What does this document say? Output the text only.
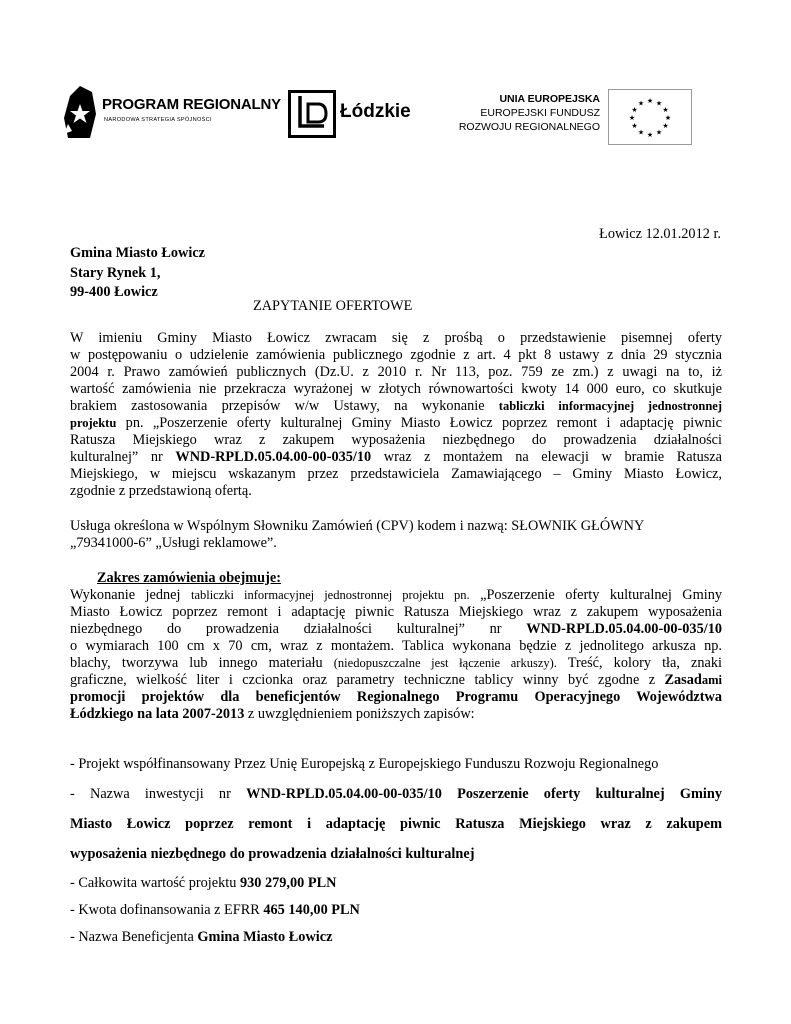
PROGRAM REGIONALNY
NARODOWA STRATEGIA SPÓJNOŚCI	Łódzkie
UNIA EUROPEJSKA
EUROPEJSKI FUNDUSZ
ROZWOJU REGIONALNEGO
★ ★
★
★
★
★
★
★
★
★
★
★
Łowicz 12.01.2012 r.
Gmina Miasto Łowicz
Stary Rynek 1,
99-400 Łowicz
ZAPYTANIE OFERTOWE
W imieniu Gminy Miasto Łowicz zwracam się z prośbą o przedstawienie pisemnej oferty
w postępowaniu o udzielenie zamówienia publicznego zgodnie z art. 4 pkt 8 ustawy z dnia 29 stycznia
2004 r. Prawo zamówień publicznych (Dz.U. z 2010 r. Nr 113, poz. 759 ze zm.) z uwagi na to, iż
wartość zamówienia nie przekracza wyrażonej w złotych równowartości kwoty 14 000 euro, co skutkuje
brakiem zastosowania przepisów w/w Ustawy, na wykonanie tabliczki informacyjnej jednostronnej
projektu pn. „Poszerzenie oferty kulturalnej Gminy Miasto Łowicz poprzez remont i adaptację piwnic
Ratusza Miejskiego wraz z zakupem wyposażenia niezbędnego do prowadzenia działalności
kulturalnej” nr WND-RPLD.05.04.00-00-035/10 wraz z montażem na elewacji w bramie Ratusza
Miejskiego, w miejscu wskazanym przez przedstawiciela Zamawiającego – Gminy Miasto Łowicz,
zgodnie z przedstawioną ofertą.
Usługa określona w Wspólnym Słowniku Zamówień (CPV) kodem i nazwą: SŁOWNIK GŁÓWNY
„79341000-6” „Usługi reklamowe”.
Zakres zamówienia obejmuje:
Wykonanie jednej tabliczki informacyjnej jednostronnej projektu pn. „Poszerzenie oferty kulturalnej Gminy
Miasto Łowicz poprzez remont i adaptację piwnic Ratusza Miejskiego wraz z zakupem wyposażenia
niezbędnego do prowadzenia działalności kulturalnej” nr WND-RPLD.05.04.00-00-035/10
o wymiarach 100 cm x 70 cm, wraz z montażem. Tablica wykonana będzie z jednolitego arkusza np.
blachy, tworzywa lub innego materiału (niedopuszczalne jest łączenie arkuszy). Treść, kolory tła, znaki
graficzne, wielkość liter i czcionka oraz parametry techniczne tablicy winny być zgodne z Zasadami
promocji projektów dla beneficjentów Regionalnego Programu Operacyjnego Województwa
Łódzkiego na lata 2007-2013 z uwzględnieniem poniższych zapisów:
- Projekt współfinansowany Przez Unię Europejską z Europejskiego Funduszu Rozwoju Regionalnego
- Nazwa inwestycji nr WND-RPLD.05.04.00-00-035/10 Poszerzenie oferty kulturalnej Gminy
Miasto Łowicz poprzez remont i adaptację piwnic Ratusza Miejskiego wraz z zakupem
wyposażenia niezbędnego do prowadzenia działalności kulturalnej
- Całkowita wartość projektu 930 279,00 PLN
- Kwota dofinansowania z EFRR 465 140,00 PLN
- Nazwa Beneficjenta Gmina Miasto Łowicz
